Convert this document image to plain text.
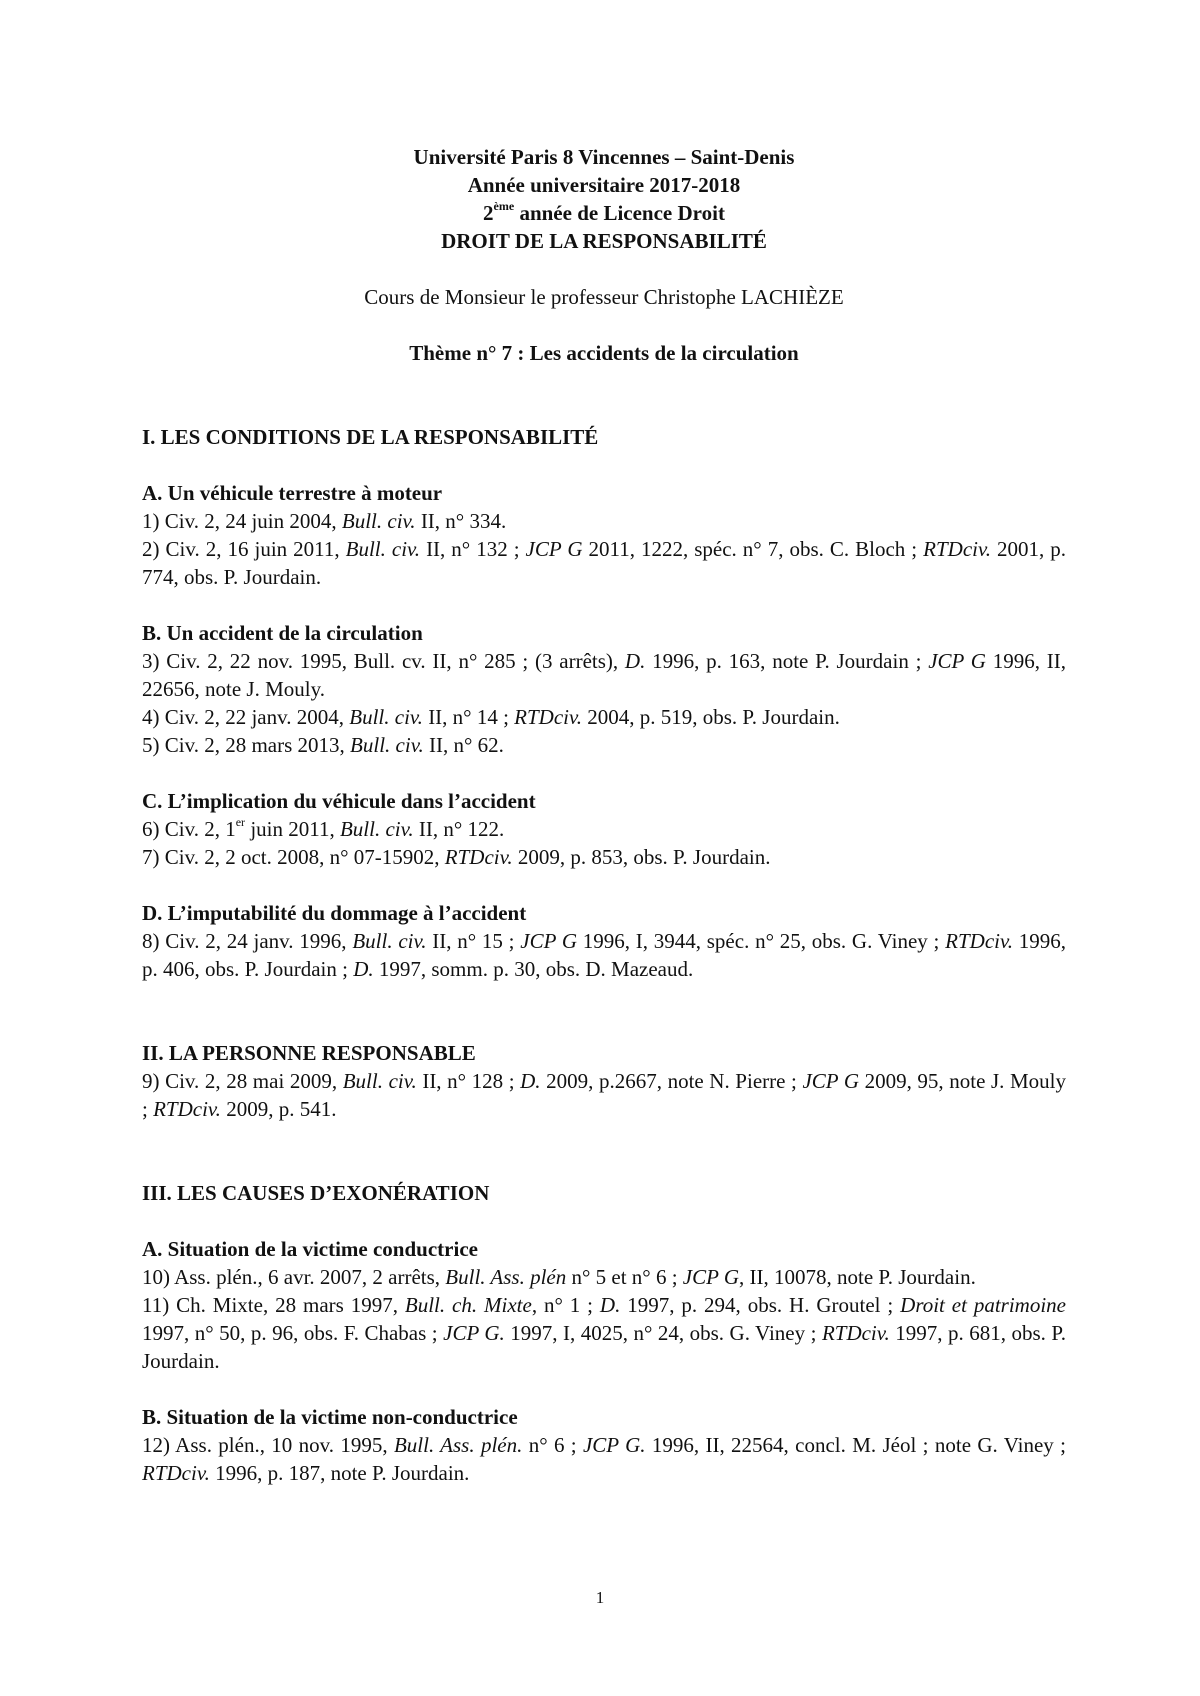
Université Paris 8 Vincennes – Saint-Denis
Année universitaire 2017-2018
2ème année de Licence Droit
DROIT DE LA RESPONSABILITÉ
Cours de Monsieur le professeur Christophe LACHIÈZE
Thème n° 7 : Les accidents de la circulation
I. LES CONDITIONS DE LA RESPONSABILITÉ
A. Un véhicule terrestre à moteur
1) Civ. 2, 24 juin 2004, Bull. civ. II, n° 334.
2) Civ. 2, 16 juin 2011, Bull. civ. II, n° 132 ; JCP G 2011, 1222, spéc. n° 7, obs. C. Bloch ; RTDciv. 2001, p. 774, obs. P. Jourdain.
B. Un accident de la circulation
3) Civ. 2, 22 nov. 1995, Bull. cv. II, n° 285 ; (3 arrêts), D. 1996, p. 163, note P. Jourdain ; JCP G 1996, II, 22656, note J. Mouly.
4) Civ. 2, 22 janv. 2004, Bull. civ. II, n° 14 ; RTDciv. 2004, p. 519, obs. P. Jourdain.
5) Civ. 2, 28 mars 2013, Bull. civ. II, n° 62.
C. L’implication du véhicule dans l’accident
6) Civ. 2, 1er juin 2011, Bull. civ. II, n° 122.
7) Civ. 2, 2 oct. 2008, n° 07-15902, RTDciv. 2009, p. 853, obs. P. Jourdain.
D. L’imputabilité du dommage à l’accident
8) Civ. 2, 24 janv. 1996, Bull. civ. II, n° 15 ; JCP G 1996, I, 3944, spéc. n° 25, obs. G. Viney ; RTDciv. 1996, p. 406, obs. P. Jourdain ; D. 1997, somm. p. 30, obs. D. Mazeaud.
II. LA PERSONNE RESPONSABLE
9) Civ. 2, 28 mai 2009, Bull. civ. II, n° 128 ; D. 2009, p.2667, note N. Pierre ; JCP G 2009, 95, note J. Mouly ; RTDciv. 2009, p. 541.
III. LES CAUSES D’EXONÉRATION
A. Situation de la victime conductrice
10) Ass. plén., 6 avr. 2007, 2 arrêts, Bull. Ass. plén n° 5 et n° 6 ; JCP G, II, 10078, note P. Jourdain.
11) Ch. Mixte, 28 mars 1997, Bull. ch. Mixte, n° 1 ; D. 1997, p. 294, obs. H. Groutel ; Droit et patrimoine 1997, n° 50, p. 96, obs. F. Chabas ; JCP G. 1997, I, 4025, n° 24, obs. G. Viney ; RTDciv. 1997, p. 681, obs. P. Jourdain.
B. Situation de la victime non-conductrice
12) Ass. plén., 10 nov. 1995, Bull. Ass. plén. n° 6 ; JCP G. 1996, II, 22564, concl. M. Jéol ; note G. Viney ; RTDciv. 1996, p. 187, note P. Jourdain.
1
